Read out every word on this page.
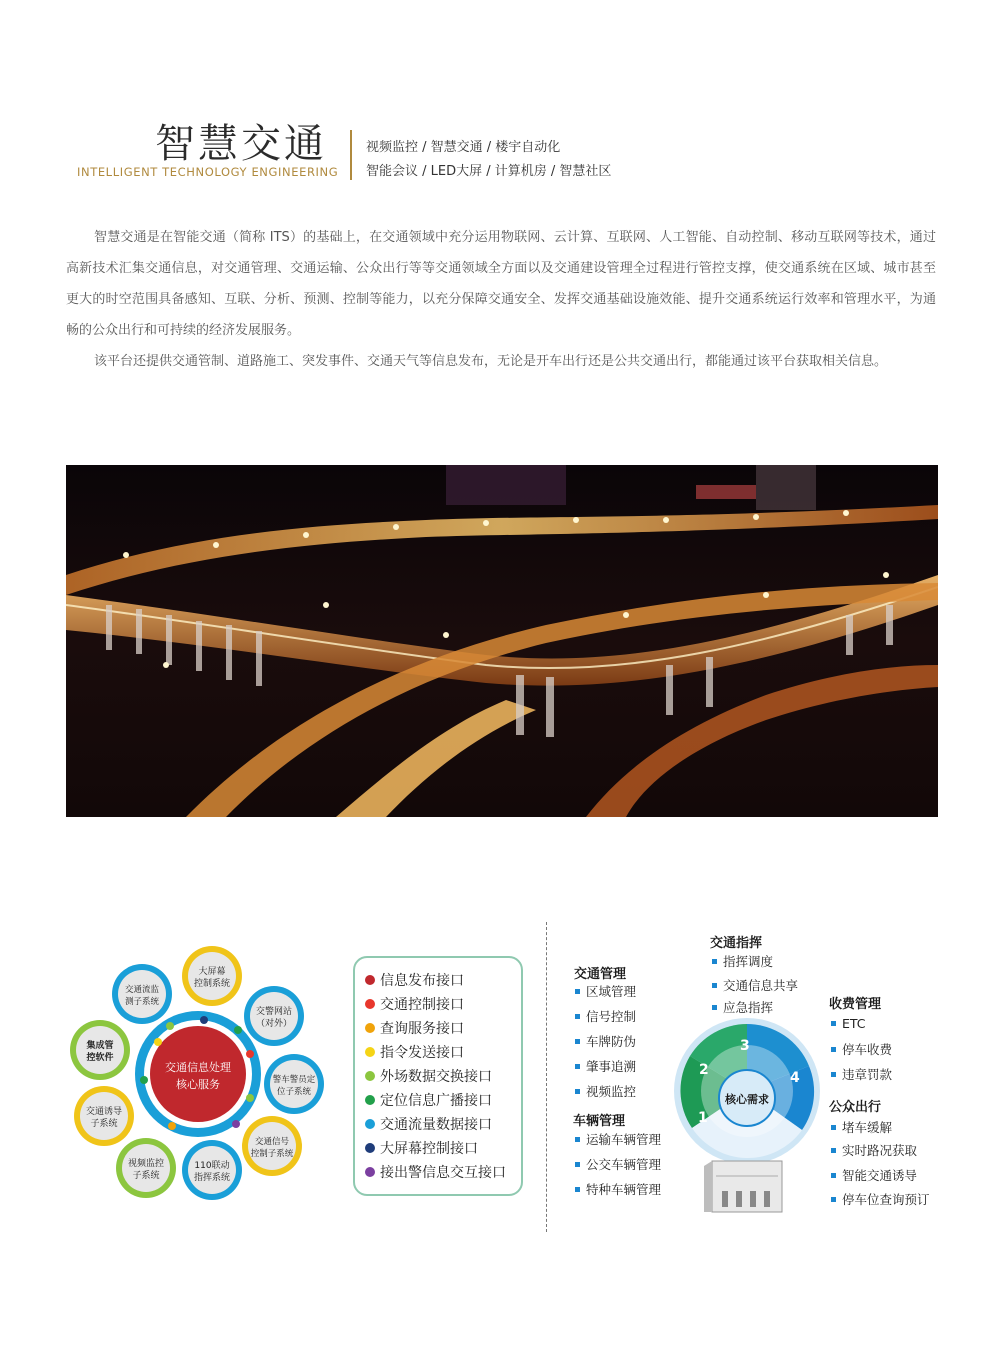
智慧交通
INTELLIGENT TECHNOLOGY ENGINEERING
视频监控 / 智慧交通 / 楼宇自动化
智能会议 / LED大屏 / 计算机房 / 智慧社区
智慧交通是在智能交通（简称 ITS）的基础上，在交通领域中充分运用物联网、云计算、互联网、人工智能、自动控制、移动互联网等技术，通过高新技术汇集交通信息，对交通管理、交通运输、公众出行等等交通领域全方面以及交通建设管理全过程进行管控支撑，使交通系统在区域、城市甚至更大的时空范围具备感知、互联、分析、预测、控制等能力，以充分保障交通安全、发挥交通基础设施效能、提升交通系统运行效率和管理水平，为通畅的公众出行和可持续的经济发展服务。
该平台还提供交通管制、道路施工、突发事件、交通天气等信息发布，无论是开车出行还是公共交通出行，都能通过该平台获取相关信息。
交通信息处理
核心服务
大屏幕
控制系统
交警网站
（对外）
警车警员定
位子系统
交通信号
控制子系统
110联动
指挥系统
视频监控
子系统
交通诱导
子系统
集成管
控软件
交通流监
测子系统
信息发布接口
交通控制接口
查询服务接口
指令发送接口
外场数据交换接口
定位信息广播接口
交通流量数据接口
大屏幕控制接口
接出警信息交互接口
核心需求
1
2
3
4
交通指挥
指挥调度
交通信息共享
应急指挥
交通管理
区域管理
信号控制
车牌防伪
肇事追溯
视频监控
车辆管理
运输车辆管理
公交车辆管理
特种车辆管理
收费管理
ETC
停车收费
违章罚款
公众出行
堵车缓解
实时路况获取
智能交通诱导
停车位查询预订
